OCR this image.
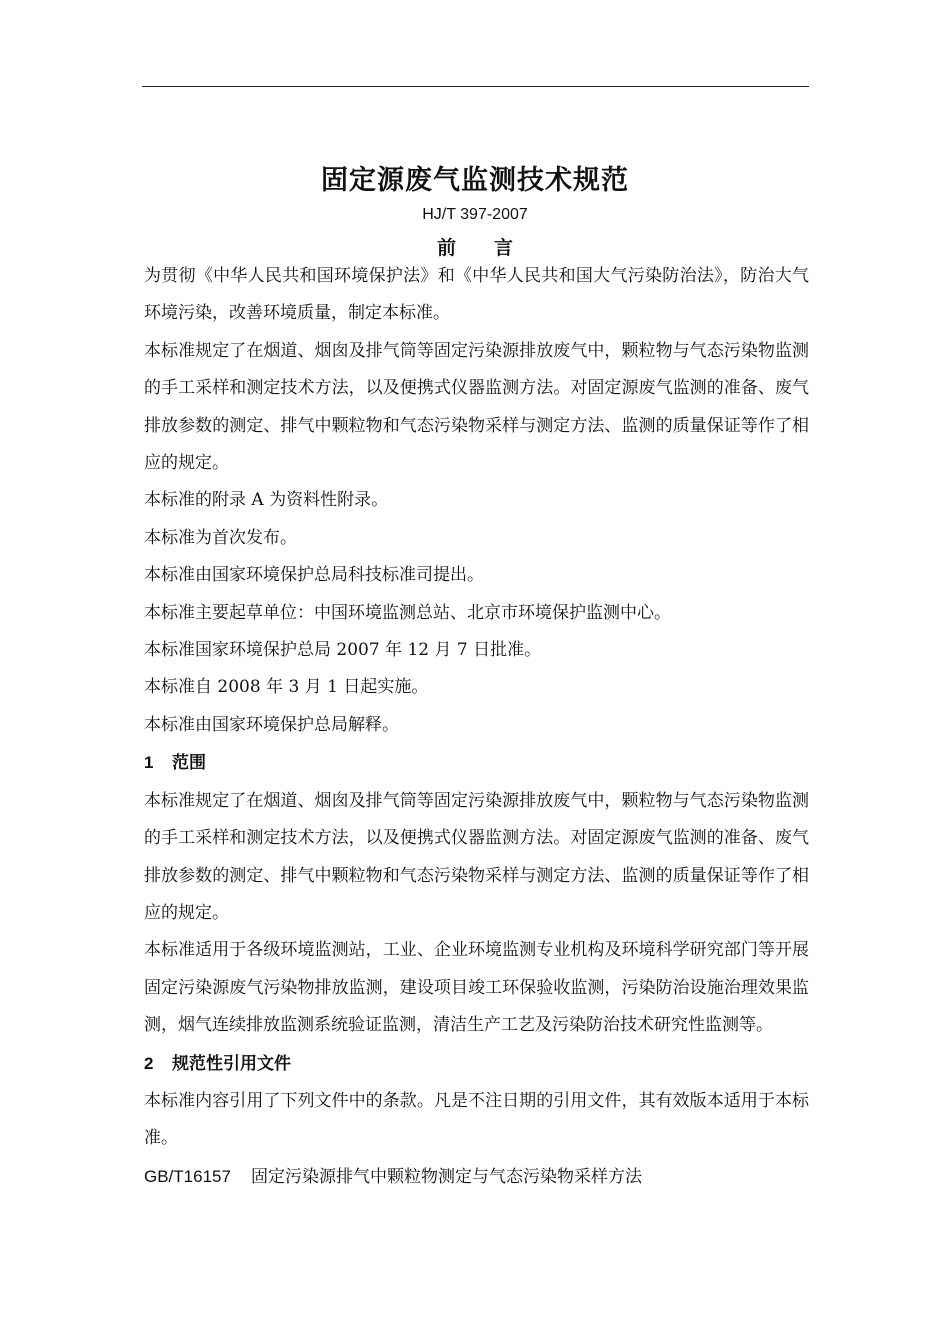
固定源废气监测技术规范
HJ/T 397-2007
前　　言

为贯彻《中华人民共和国环境保护法》和《中华人民共和国大气污染防治法》，防治大气环境污染，改善环境质量，制定本标准。

本标准规定了在烟道、烟囱及排气筒等固定污染源排放废气中，颗粒物与气态污染物监测的手工采样和测定技术方法，以及便携式仪器监测方法。对固定源废气监测的准备、废气排放参数的测定、排气中颗粒物和气态污染物采样与测定方法、监测的质量保证等作了相应的规定。

本标准的附录 A 为资料性附录。

本标准为首次发布。

本标准由国家环境保护总局科技标准司提出。

本标准主要起草单位：中国环境监测总站、北京市环境保护监测中心。

本标准国家环境保护总局 2007 年 12 月 7 日批准。

本标准自 2008 年 3 月 1 日起实施。

本标准由国家环境保护总局解释。

1 范围

本标准规定了在烟道、烟囱及排气筒等固定污染源排放废气中，颗粒物与气态污染物监测的手工采样和测定技术方法，以及便携式仪器监测方法。对固定源废气监测的准备、废气排放参数的测定、排气中颗粒物和气态污染物采样与测定方法、监测的质量保证等作了相应的规定。

本标准适用于各级环境监测站，工业、企业环境监测专业机构及环境科学研究部门等开展固定污染源废气污染物排放监测，建设项目竣工环保验收监测，污染防治设施治理效果监测，烟气连续排放监测系统验证监测，清洁生产工艺及污染防治技术研究性监测等。

2 规范性引用文件

本标准内容引用了下列文件中的条款。凡是不注日期的引用文件，其有效版本适用于本标准。

GB/T16157 固定污染源排气中颗粒物测定与气态污染物采样方法
